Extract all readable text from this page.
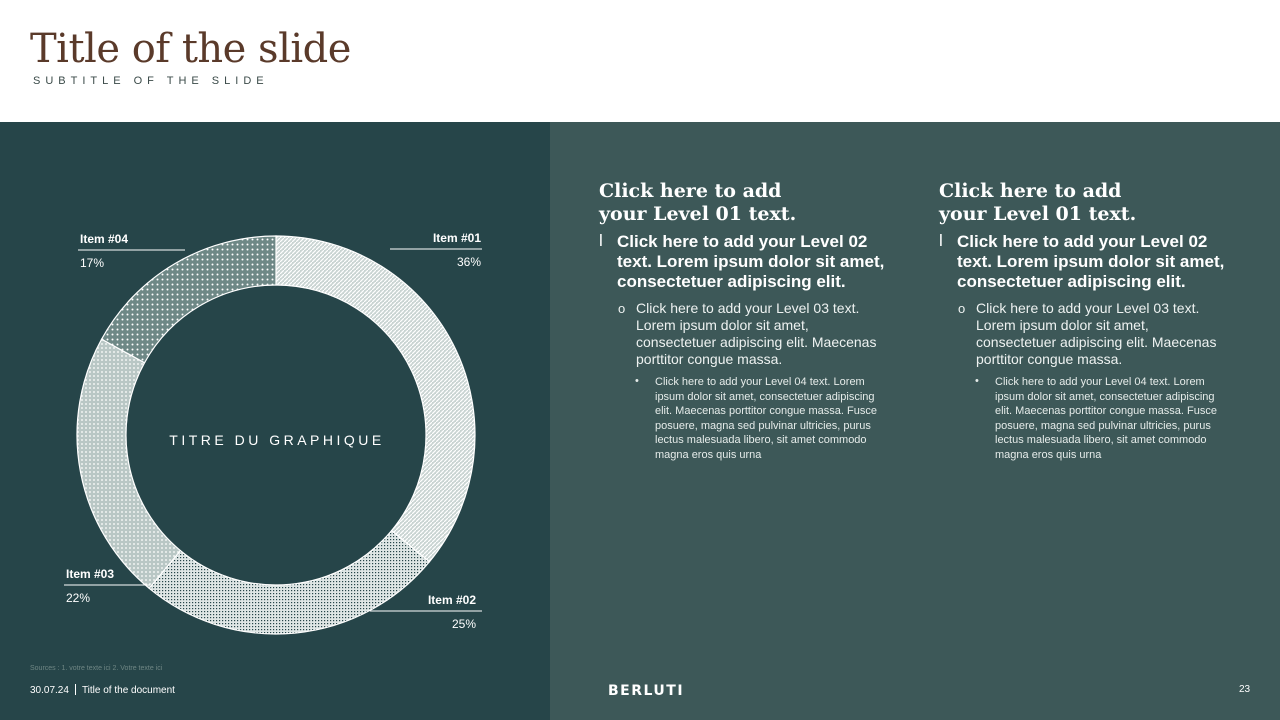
Title of the slide
SUBTITLE OF THE SLIDE
Item #01
36%
Item #02
25%
Item #03
22%
Item #04
17%
TITRE DU GRAPHIQUE

Click here to add your Level 01 text.

l Click here to add your Level 02 text. Lorem ipsum dolor sit amet, consectetuer adipiscing elit.
o Click here to add your Level 03 text. Lorem ipsum dolor sit amet, consectetuer adipiscing elit. Maecenas porttitor congue massa.
• Click here to add your Level 04 text. Lorem ipsum dolor sit amet, consectetuer adipiscing elit. Maecenas porttitor congue massa. Fusce posuere, magna sed pulvinar ultricies, purus lectus malesuada libero, sit amet commodo magna eros quis urna

Click here to add your Level 01 text.

l Click here to add your Level 02 text. Lorem ipsum dolor sit amet, consectetuer adipiscing elit.
o Click here to add your Level 03 text. Lorem ipsum dolor sit amet, consectetuer adipiscing elit. Maecenas porttitor congue massa.
• Click here to add your Level 04 text. Lorem ipsum dolor sit amet, consectetuer adipiscing elit. Maecenas porttitor congue massa. Fusce posuere, magna sed pulvinar ultricies, purus lectus malesuada libero, sit amet commodo magna eros quis urna
Sources : 1. votre texte ici 2. Votre texte ici
30.07.24 Title of the document	BERLUTI	23
